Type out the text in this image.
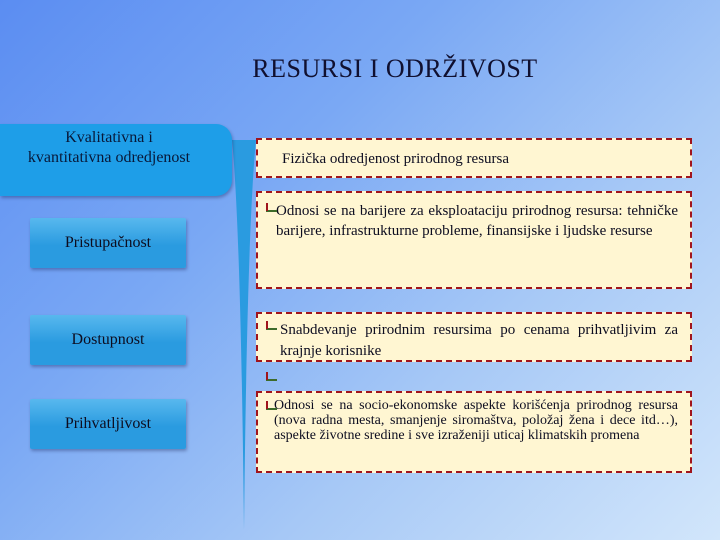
RESURSI I ODRŽIVOST
Kvalitativna i kvantitativna odredjenost
Pristupačnost
Dostupnost
Prihvatljivost
Fizička odredjenost prirodnog resursa
Odnosi se na barijere za eksploataciju prirodnog resursa: tehničke barijere, infrastrukturne probleme, finansijske i ljudske resurse
Snabdevanje prirodnim resursima po cenama prihvatljivim za krajnje korisnike
Odnosi se na socio-ekonomske aspekte korišćenja prirodnog resursa (nova radna mesta, smanjenje siromaštva, položaj žena i dece itd…), aspekte životne sredine i sve izraženiji uticaj klimatskih promena
